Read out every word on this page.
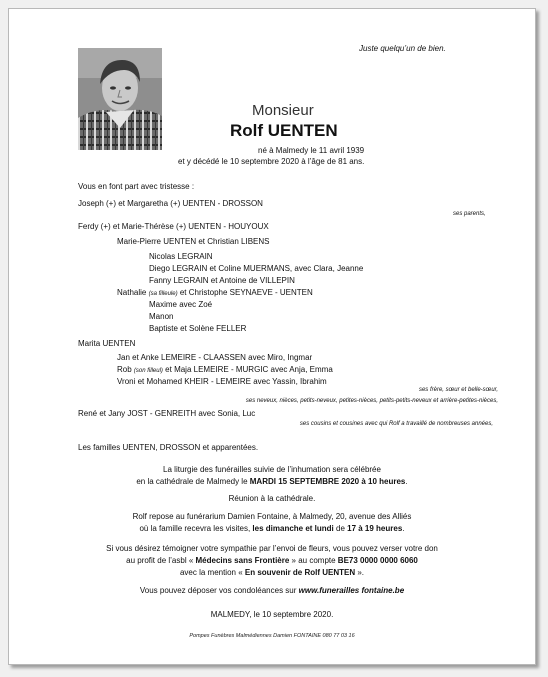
Juste quelqu’un de bien.
Monsieur
Rolf UENTEN
né à Malmedy le 11 avril 1939
et y décédé le 10 septembre 2020 à l’âge de 81 ans.
Vous en font part avec tristesse :
Joseph (+) et Margaretha (+) UENTEN - DROSSON
ses parents,
Ferdy (+) et Marie-Thérèse (+) UENTEN - HOUYOUX
Marie-Pierre UENTEN et Christian LIBENS
Nicolas LEGRAIN
Diego LEGRAIN et Coline MUERMANS, avec Clara, Jeanne
Fanny LEGRAIN et Antoine de VILLEPIN
Nathalie (sa filleule) et Christophe SEYNAEVE - UENTEN
Maxime avec Zoé
Manon
Baptiste et Solène FELLER
Marita UENTEN
Jan et Anke LEMEIRE - CLAASSEN avec Miro, Ingmar
Rob (son filleul) et Maja LEMEIRE - MURGIC avec Anja, Emma
Vroni et Mohamed KHEIR - LEMEIRE avec Yassin, Ibrahim
ses frère, sœur et belle-sœur,
ses neveux, nièces, petits-neveux, petites-nièces, petits-petits-neveux et arrière-petites-nièces,
René et Jany JOST - GENREITH avec Sonia, Luc
ses cousins et cousines avec qui Rolf a travaillé de nombreuses années,
Les familles UENTEN, DROSSON et apparentées.
La liturgie des funérailles suivie de l’inhumation sera célébrée
en la cathédrale de Malmedy le MARDI 15 SEPTEMBRE 2020 à 10 heures.
Réunion à la cathédrale.
Rolf repose au funérarium Damien Fontaine, à Malmedy, 20, avenue des Alliés
où la famille recevra les visites, les dimanche et lundi de 17 à 19 heures.
Si vous désirez témoigner votre sympathie par l’envoi de fleurs, vous pouvez verser votre don
au profit de l’asbl « Médecins sans Frontière » au compte BE73 0000 0000 6060
avec la mention « En souvenir de Rolf UENTEN ».
Vous pouvez déposer vos condoléances sur www.funerailles fontaine.be
MALMEDY, le 10 septembre 2020.
Pompes Funèbres Malmédiennes Damien FONTAINE 080 77 03 16
